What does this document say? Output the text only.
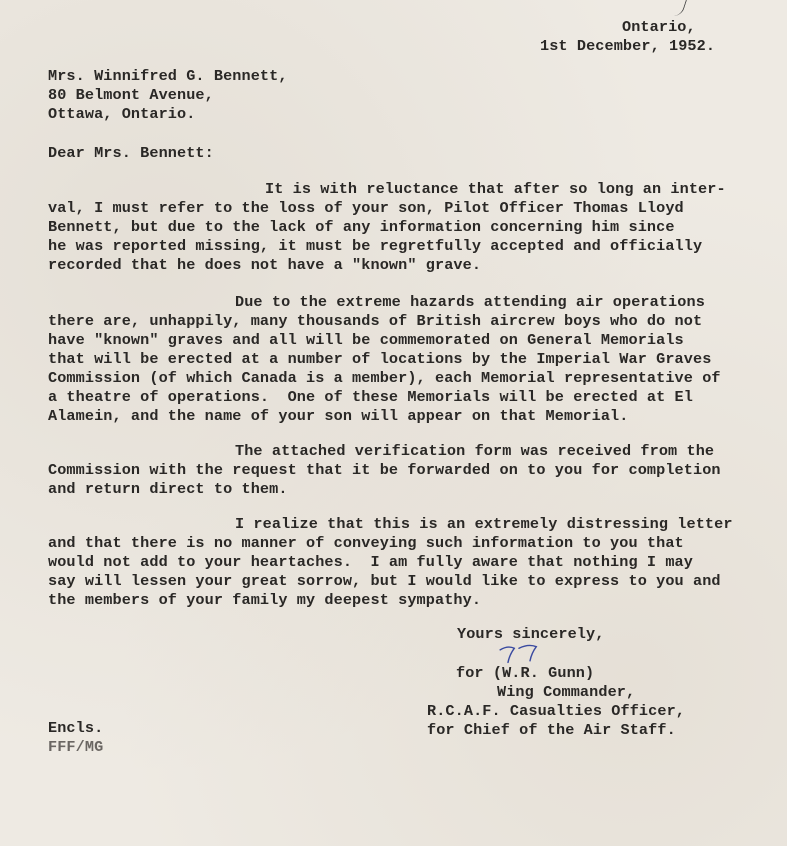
Ontario,
1st December, 1952.
Mrs. Winnifred G. Bennett,
80 Belmont Avenue,
Ottawa, Ontario.
Dear Mrs. Bennett:
It is with reluctance that after so long an inter-
val, I must refer to the loss of your son, Pilot Officer Thomas Lloyd
Bennett, but due to the lack of any information concerning him since
he was reported missing, it must be regretfully accepted and officially
recorded that he does not have a "known" grave.
Due to the extreme hazards attending air operations
there are, unhappily, many thousands of British aircrew boys who do not
have "known" graves and all will be commemorated on General Memorials
that will be erected at a number of locations by the Imperial War Graves
Commission (of which Canada is a member), each Memorial representative of
a theatre of operations.  One of these Memorials will be erected at El
Alamein, and the name of your son will appear on that Memorial.
The attached verification form was received from the
Commission with the request that it be forwarded on to you for completion
and return direct to them.
I realize that this is an extremely distressing letter
and that there is no manner of conveying such information to you that
would not add to your heartaches.  I am fully aware that nothing I may
say will lessen your great sorrow, but I would like to express to you and
the members of your family my deepest sympathy.
Yours sincerely,
for (W.R. Gunn)
Wing Commander,
R.C.A.F. Casualties Officer,
for Chief of the Air Staff.
Encls.
FFF/MG
